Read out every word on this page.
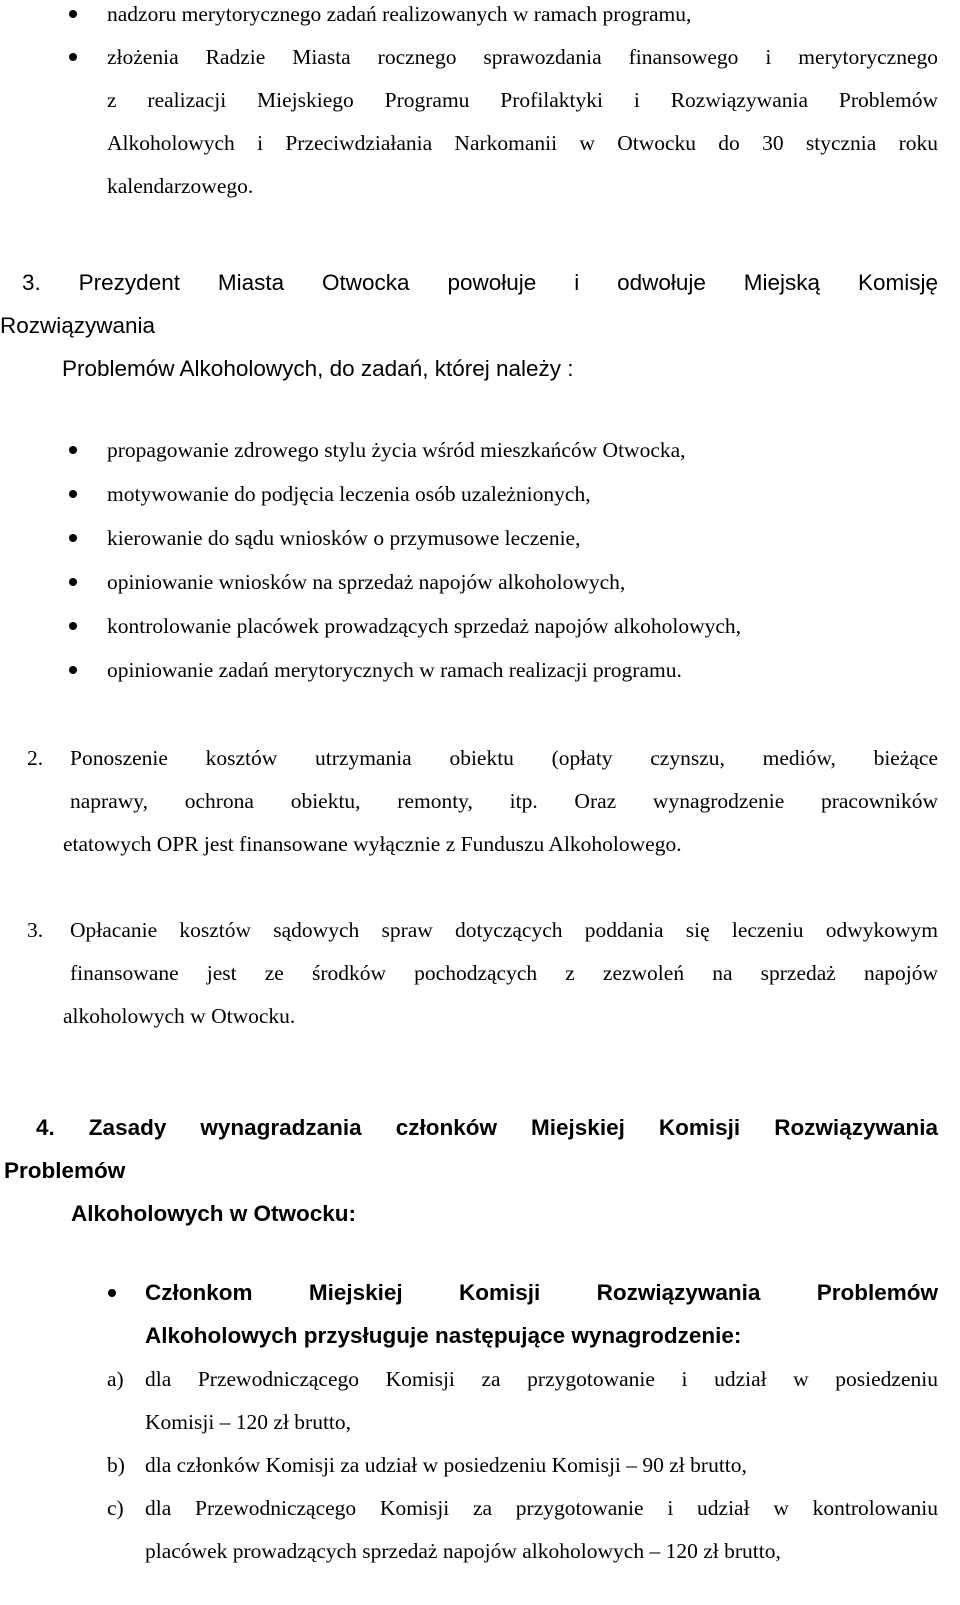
nadzoru merytorycznego zadań realizowanych w ramach programu,
złożenia Radzie Miasta rocznego sprawozdania finansowego i merytorycznego
z realizacji Miejskiego Programu Profilaktyki i Rozwiązywania Problemów
Alkoholowych i Przeciwdziałania Narkomanii w Otwocku do 30 stycznia roku
kalendarzowego.
3. Prezydent Miasta Otwocka powołuje i odwołuje Miejską Komisję
Rozwiązywania
Problemów Alkoholowych, do zadań, której należy :
propagowanie zdrowego stylu życia wśród mieszkańców Otwocka,
motywowanie do podjęcia leczenia osób uzależnionych,
kierowanie do sądu wniosków o przymusowe leczenie,
opiniowanie wniosków na sprzedaż napojów alkoholowych,
kontrolowanie placówek prowadzących sprzedaż napojów alkoholowych,
opiniowanie zadań merytorycznych w ramach realizacji programu.
2. Ponoszenie kosztów utrzymania obiektu (opłaty czynszu, mediów, bieżące
naprawy, ochrona obiektu, remonty, itp. Oraz wynagrodzenie pracowników
etatowych OPR jest finansowane wyłącznie z Funduszu Alkoholowego.
3. Opłacanie kosztów sądowych spraw dotyczących poddania się leczeniu odwykowym
finansowane jest ze środków pochodzących z zezwoleń na sprzedaż napojów
alkoholowych w Otwocku.
4. Zasady wynagradzania członków Miejskiej Komisji Rozwiązywania
Problemów
Alkoholowych w Otwocku:
Członkom Miejskiej Komisji Rozwiązywania Problemów
Alkoholowych przysługuje następujące wynagrodzenie:
a) dla Przewodniczącego Komisji za przygotowanie i udział w posiedzeniu
Komisji – 120 zł brutto,
b) dla członków Komisji za udział w posiedzeniu Komisji – 90 zł brutto,
c) dla Przewodniczącego Komisji za przygotowanie i udział w kontrolowaniu
placówek prowadzących sprzedaż napojów alkoholowych – 120 zł brutto,
